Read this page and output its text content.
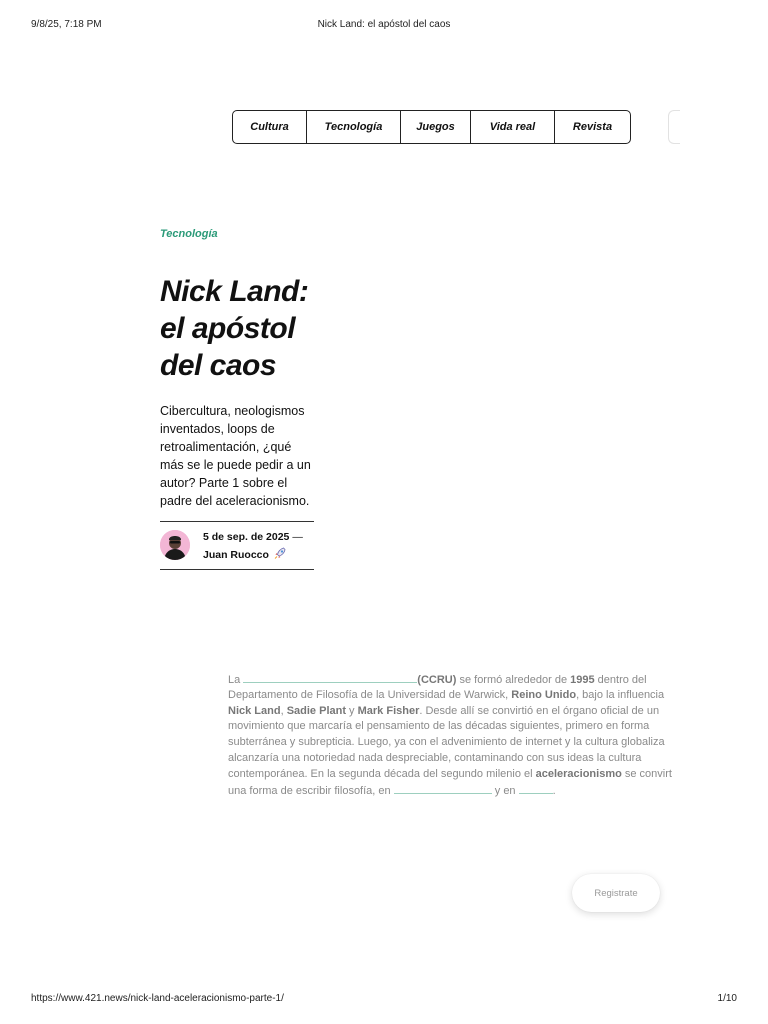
9/8/25, 7:18 PM	Nick Land: el apóstol del caos
Cultura	Tecnología	Juegos	Vida real	Revista
Tecnología
Nick Land:
el apóstol
del caos

Cibercultura, neologismos inventados, loops de retroalimentación, ¿qué más se le puede pedir a un autor? Parte 1 sobre el padre del aceleracionismo.

5 de sep. de 2025 —
Juan Ruocco
La	(CCRU) se formó alrededor de 1995 dentro del
Departamento de Filosofía de la Universidad de Warwick, Reino Unido, bajo la influencia
Nick Land, Sadie Plant y Mark Fisher. Desde allí se convirtió en el órgano oficial de un
movimiento que marcaría el pensamiento de las décadas siguientes, primero en forma
subterránea y subrepticia. Luego, ya con el advenimiento de internet y la cultura globaliza
alcanzaría una notoriedad nada despreciable, contaminando con sus ideas la cultura
contemporánea. En la segunda década del segundo milenio el aceleracionismo se convirt
una forma de escribir filosofía, en	y en	.
Registrate
https://www.421.news/nick-land-aceleracionismo-parte-1/	1/10
